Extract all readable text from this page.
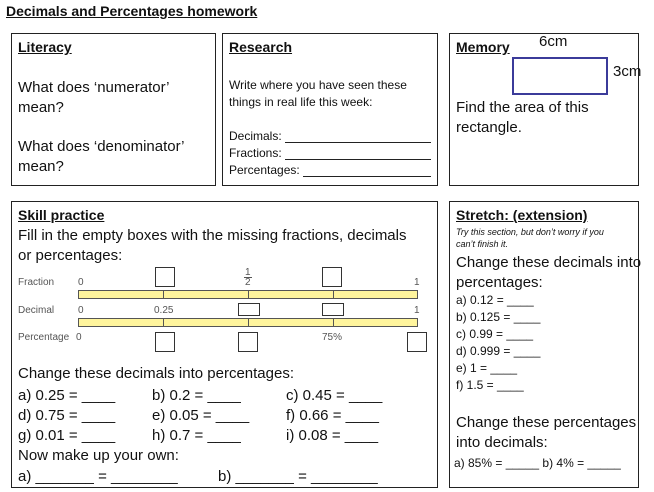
Decimals and Percentages homework
Literacy
What does ‘numerator’
mean?
What does ‘denominator’
mean?
Research
Write where you have seen these
things in real life this week:
Decimals:
Fractions:
Percentages:
Memory 6cm
3cm
Find the area of this
rectangle.
Skill practice
Fill in the empty boxes with the missing fractions, decimals
or percentages:
Fraction
Decimal
Percentage
0	$\frac{1}{2}$	1
0	0.25	1
0	75%
Change these decimals into percentages:
a) 0.25 = ____ b) 0.2 = ____	c) 0.45 = ____
d) 0.75 = ____ e) 0.05 = ____ f) 0.66 = ____
g) 0.01 = ____ h) 0.7 = ____	i) 0.08 = ____
Now make up your own:
a) _______ = ________	b) _______ = ________
Stretch: (extension)
Try this section, but don’t worry if you
can’t finish it.
Change these decimals into
percentages:
a) 0.12 = ____
b) 0.125 = ____
c) 0.99 = ____
d) 0.999 = ____
e) 1 = ____
f) 1.5 = ____
Change these percentages
into decimals:
a) 85% = _____ b) 4% = _____
